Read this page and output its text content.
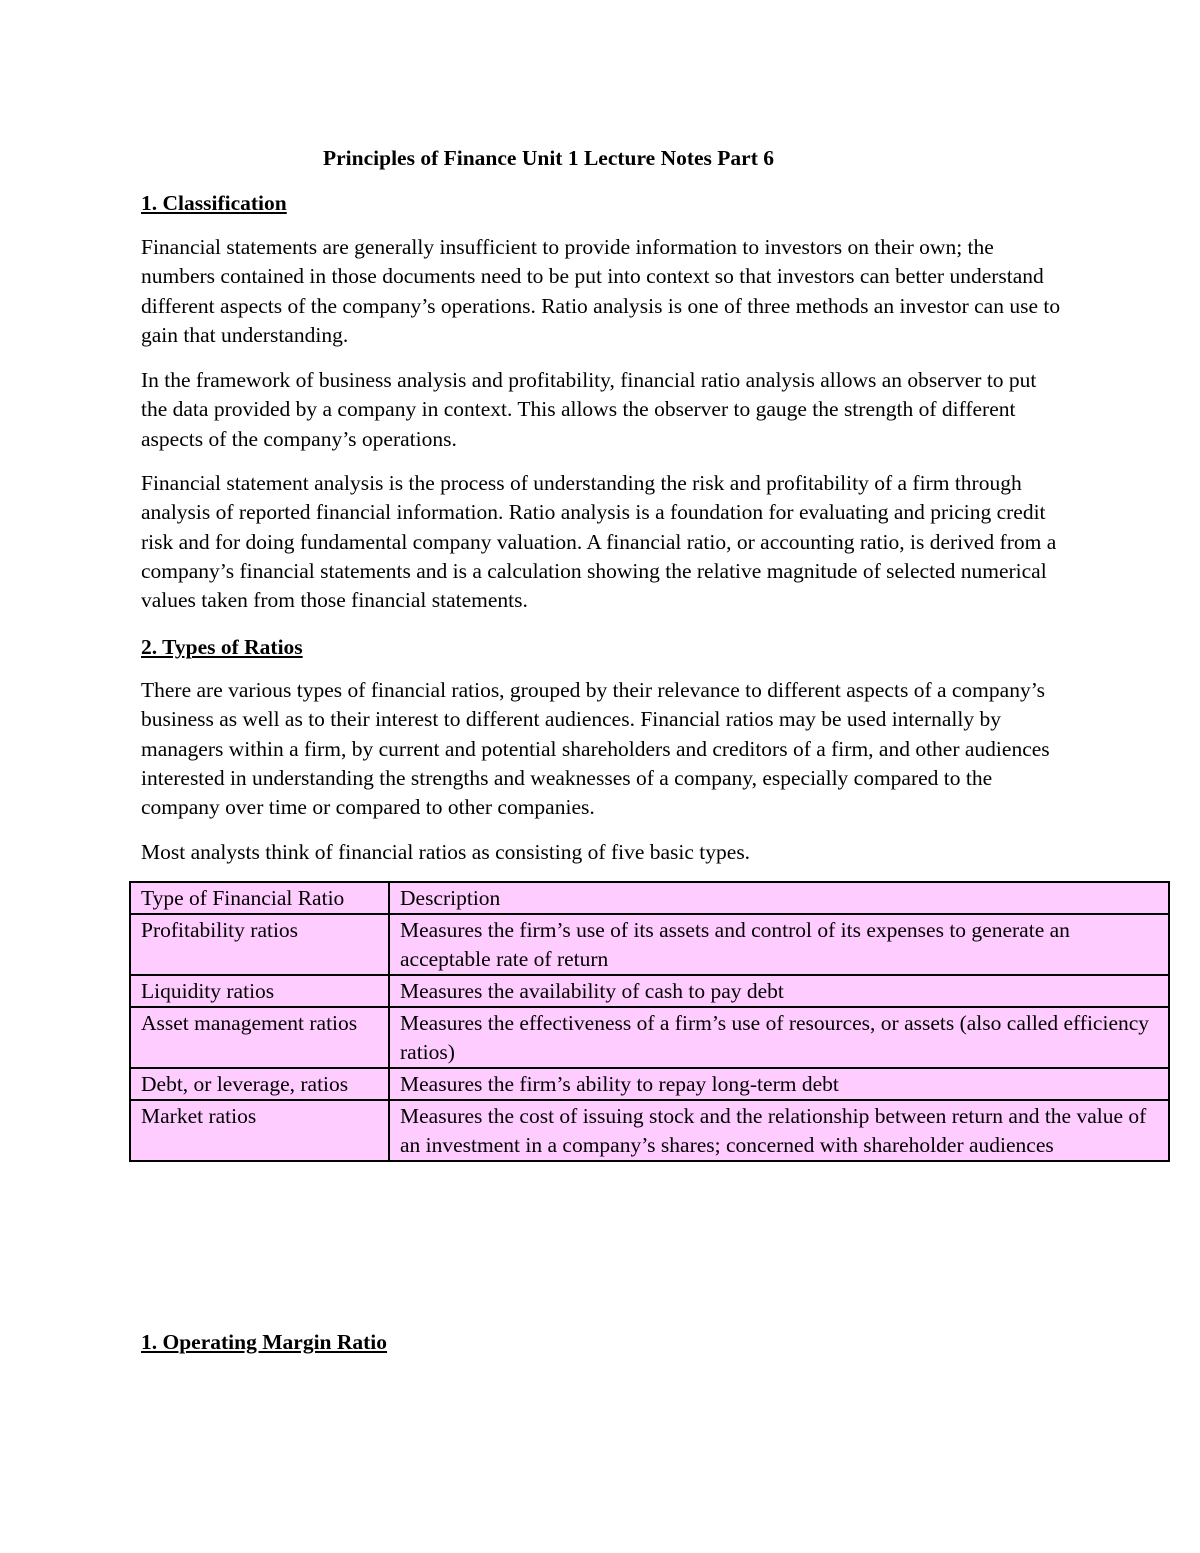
Principles of Finance Unit 1 Lecture Notes Part 6
1. Classification

Financial statements are generally insufficient to provide information to investors on their own; the numbers contained in those documents need to be put into context so that investors can better understand different aspects of the company’s operations. Ratio analysis is one of three methods an investor can use to gain that understanding.

In the framework of business analysis and profitability, financial ratio analysis allows an observer to put the data provided by a company in context. This allows the observer to gauge the strength of different aspects of the company’s operations.

Financial statement analysis is the process of understanding the risk and profitability of a firm through analysis of reported financial information. Ratio analysis is a foundation for evaluating and pricing credit risk and for doing fundamental company valuation. A financial ratio, or accounting ratio, is derived from a company’s financial statements and is a calculation showing the relative magnitude of selected numerical values taken from those financial statements.

2. Types of Ratios

There are various types of financial ratios, grouped by their relevance to different aspects of a company’s business as well as to their interest to different audiences. Financial ratios may be used internally by managers within a firm, by current and potential shareholders and creditors of a firm, and other audiences interested in understanding the strengths and weaknesses of a company, especially compared to the company over time or compared to other companies.

Most analysts think of financial ratios as consisting of five basic types.

Type of Financial Ratio	Description
Profitability ratios	Measures the firm’s use of its assets and control of its expenses to generate an acceptable rate of return
Liquidity ratios	Measures the availability of cash to pay debt
Asset management ratios	Measures the effectiveness of a firm’s use of resources, or assets (also called efficiency ratios)
Debt, or leverage, ratios	Measures the firm’s ability to repay long-term debt
Market ratios	Measures the cost of issuing stock and the relationship between return and the value of an investment in a company’s shares; concerned with shareholder audiences
1. Operating Margin Ratio
